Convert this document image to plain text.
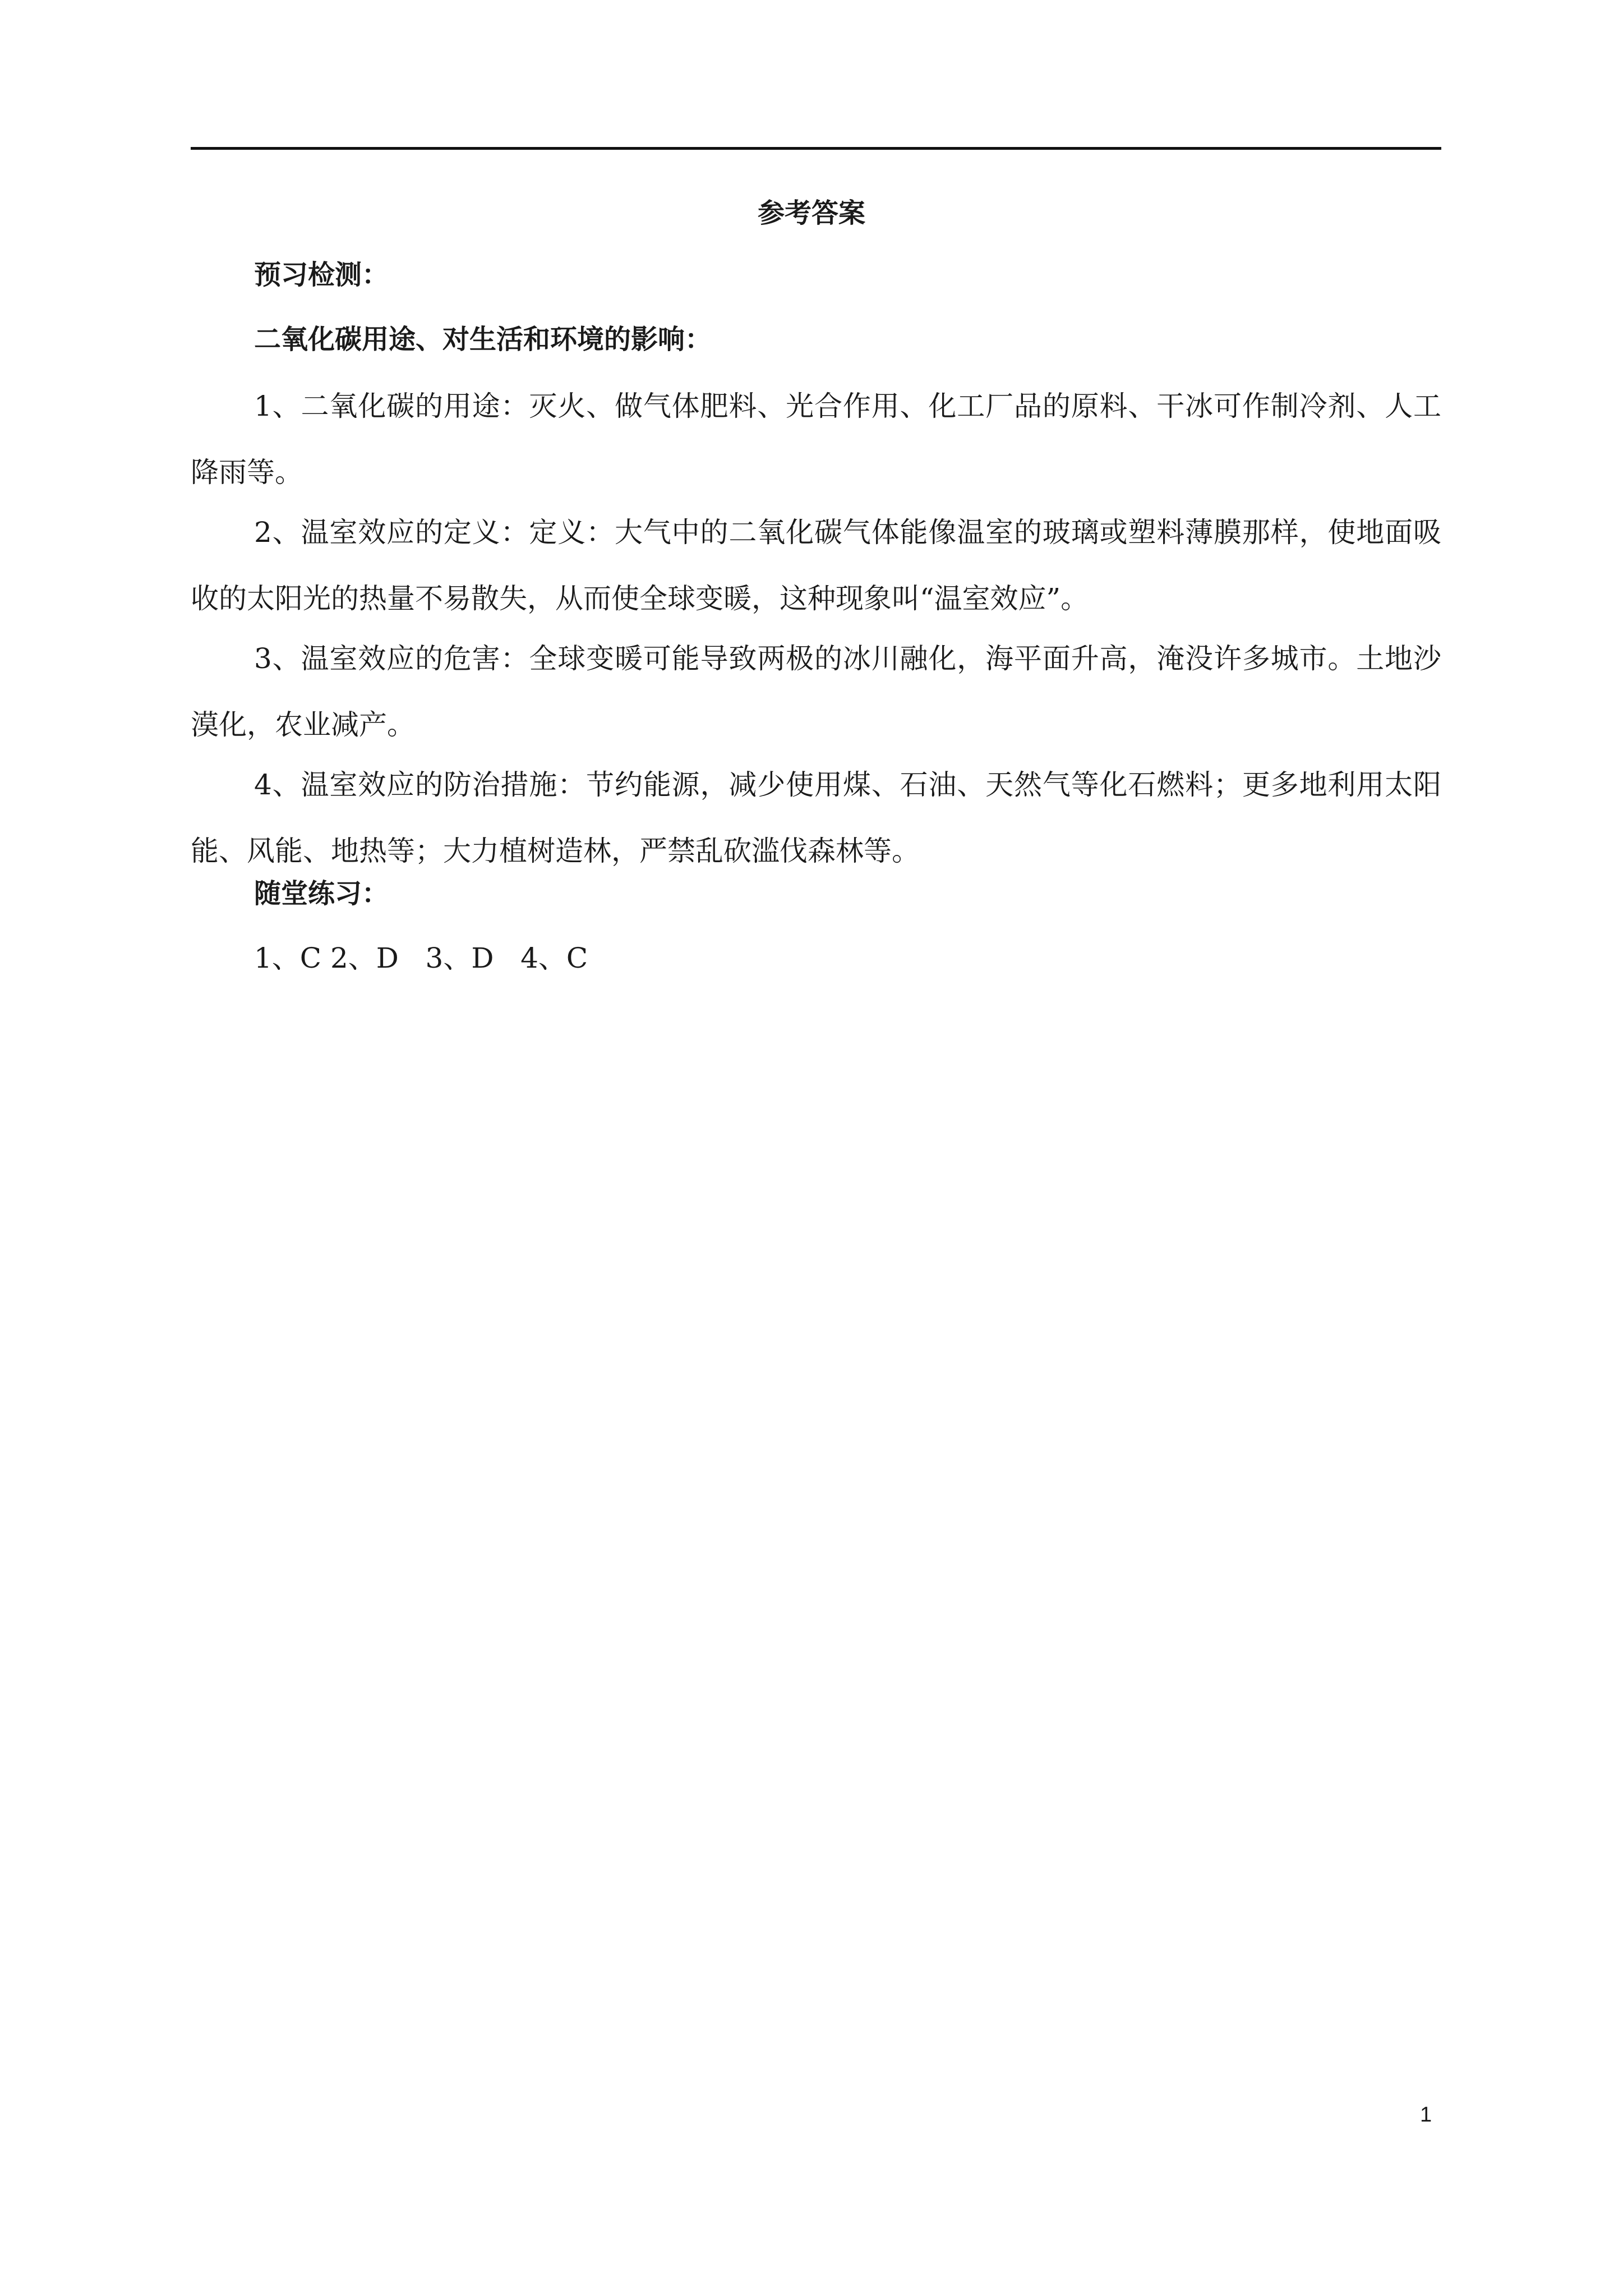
参考答案
预习检测：
二氧化碳用途、对生活和环境的影响：
1、二氧化碳的用途：灭火、做气体肥料、光合作用、化工厂品的原料、干冰可作制冷剂、人工降雨等。
2、温室效应的定义：定义：大气中的二氧化碳气体能像温室的玻璃或塑料薄膜那样，使地面吸收的太阳光的热量不易散失，从而使全球变暖，这种现象叫“温室效应”。
3、温室效应的危害：全球变暖可能导致两极的冰川融化，海平面升高，淹没许多城市。土地沙漠化，农业减产。
4、温室效应的防治措施：节约能源，减少使用煤、石油、天然气等化石燃料；更多地利用太阳能、风能、地热等；大力植树造林，严禁乱砍滥伐森林等。
随堂练习：
1、C 2、D   3、D   4、C
1
